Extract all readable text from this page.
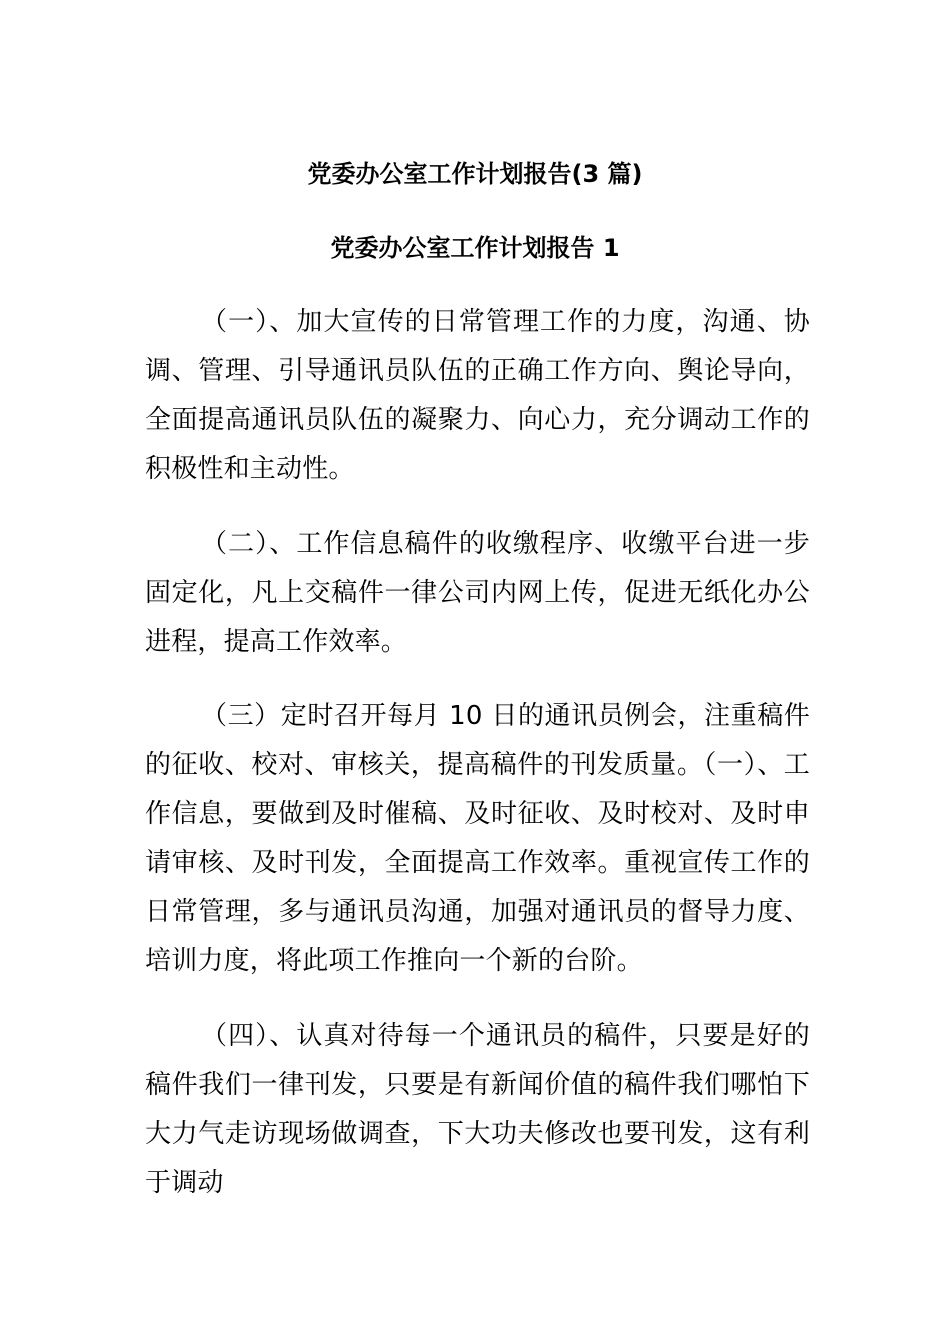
党委办公室工作计划报告(3 篇)
党委办公室工作计划报告 1

（一）、加大宣传的日常管理工作的力度，沟通、协调、管理、引导通讯员队伍的正确工作方向、舆论导向，全面提高通讯员队伍的凝聚力、向心力，充分调动工作的积极性和主动性。

（二）、工作信息稿件的收缴程序、收缴平台进一步固定化，凡上交稿件一律公司内网上传，促进无纸化办公进程，提高工作效率。

（三）定时召开每月 10 日的通讯员例会，注重稿件的征收、校对、审核关，提高稿件的刊发质量。（一）、工作信息，要做到及时催稿、及时征收、及时校对、及时申请审核、及时刊发，全面提高工作效率。重视宣传工作的日常管理，多与通讯员沟通，加强对通讯员的督导力度、培训力度，将此项工作推向一个新的台阶。

（四）、认真对待每一个通讯员的稿件，只要是好的稿件我们一律刊发，只要是有新闻价值的稿件我们哪怕下大力气走访现场做调查，下大功夫修改也要刊发，这有利于调动
